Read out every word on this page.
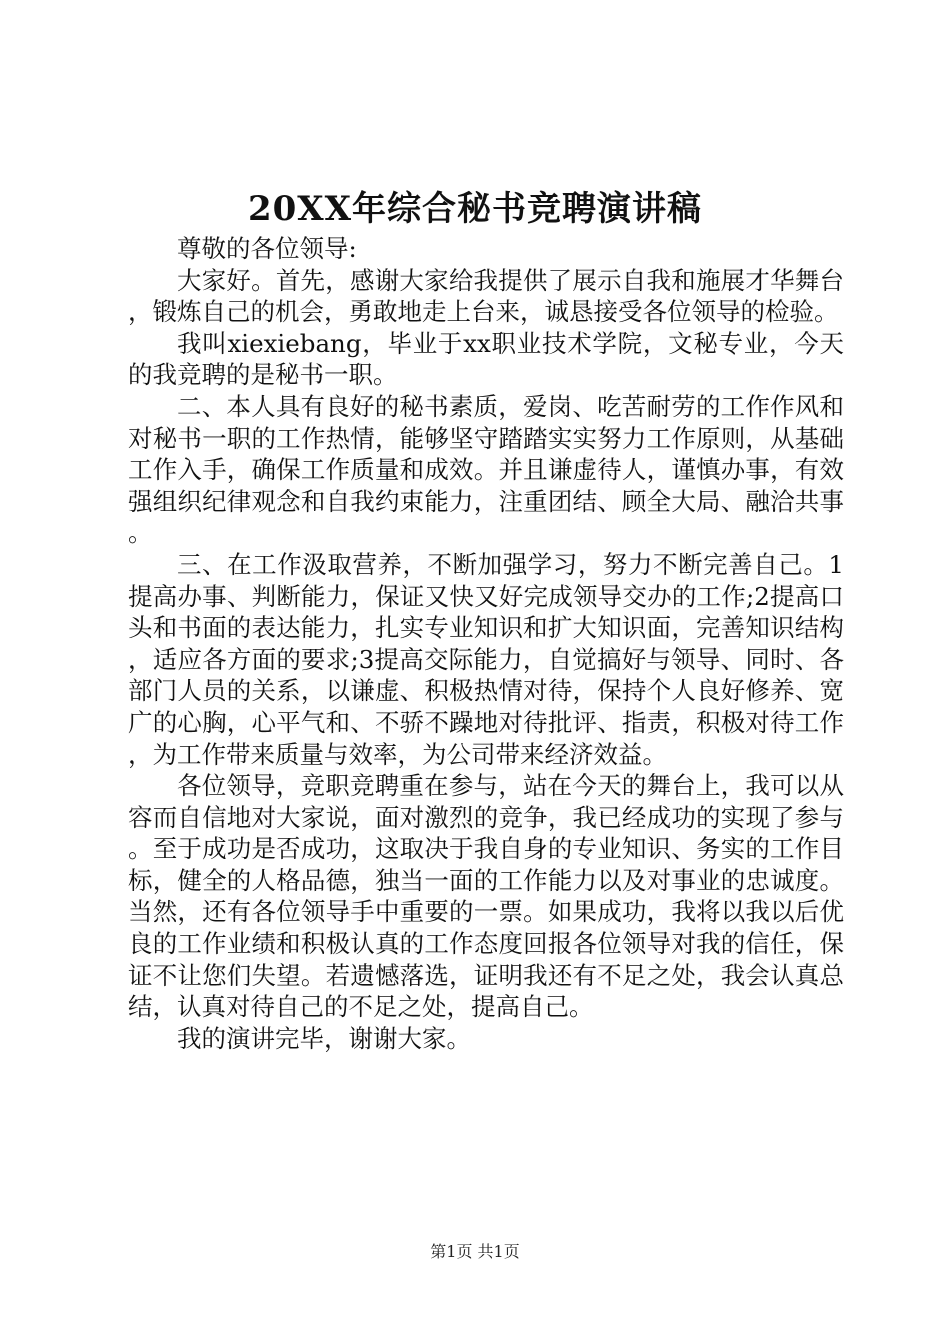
20XX年综合秘书竞聘演讲稿

尊敬的各位领导:

大家好。首先，感谢大家给我提供了展示自我和施展才华舞台，锻炼自己的机会，勇敢地走上台来，诚恳接受各位领导的检验。

我叫xiexiebang，毕业于xx职业技术学院，文秘专业，今天的我竞聘的是秘书一职。

二、本人具有良好的秘书素质，爱岗、吃苦耐劳的工作作风和对秘书一职的工作热情，能够坚守踏踏实实努力工作原则，从基础工作入手，确保工作质量和成效。并且谦虚待人，谨慎办事，有效强组织纪律观念和自我约束能力，注重团结、顾全大局、融洽共事。

三、在工作汲取营养，不断加强学习，努力不断完善自己。1提高办事、判断能力，保证又快又好完成领导交办的工作;2提高口头和书面的表达能力，扎实专业知识和扩大知识面，完善知识结构，适应各方面的要求;3提高交际能力，自觉搞好与领导、同时、各部门人员的关系，以谦虚、积极热情对待，保持个人良好修养、宽广的心胸，心平气和、不骄不躁地对待批评、指责，积极对待工作，为工作带来质量与效率，为公司带来经济效益。

各位领导，竞职竞聘重在参与，站在今天的舞台上，我可以从容而自信地对大家说，面对激烈的竞争，我已经成功的实现了参与。至于成功是否成功，这取决于我自身的专业知识、务实的工作目标，健全的人格品德，独当一面的工作能力以及对事业的忠诚度。当然，还有各位领导手中重要的一票。如果成功，我将以我以后优良的工作业绩和积极认真的工作态度回报各位领导对我的信任，保证不让您们失望。若遗憾落选，证明我还有不足之处，我会认真总结，认真对待自己的不足之处，提高自己。

我的演讲完毕，谢谢大家。

第1页 共1页
